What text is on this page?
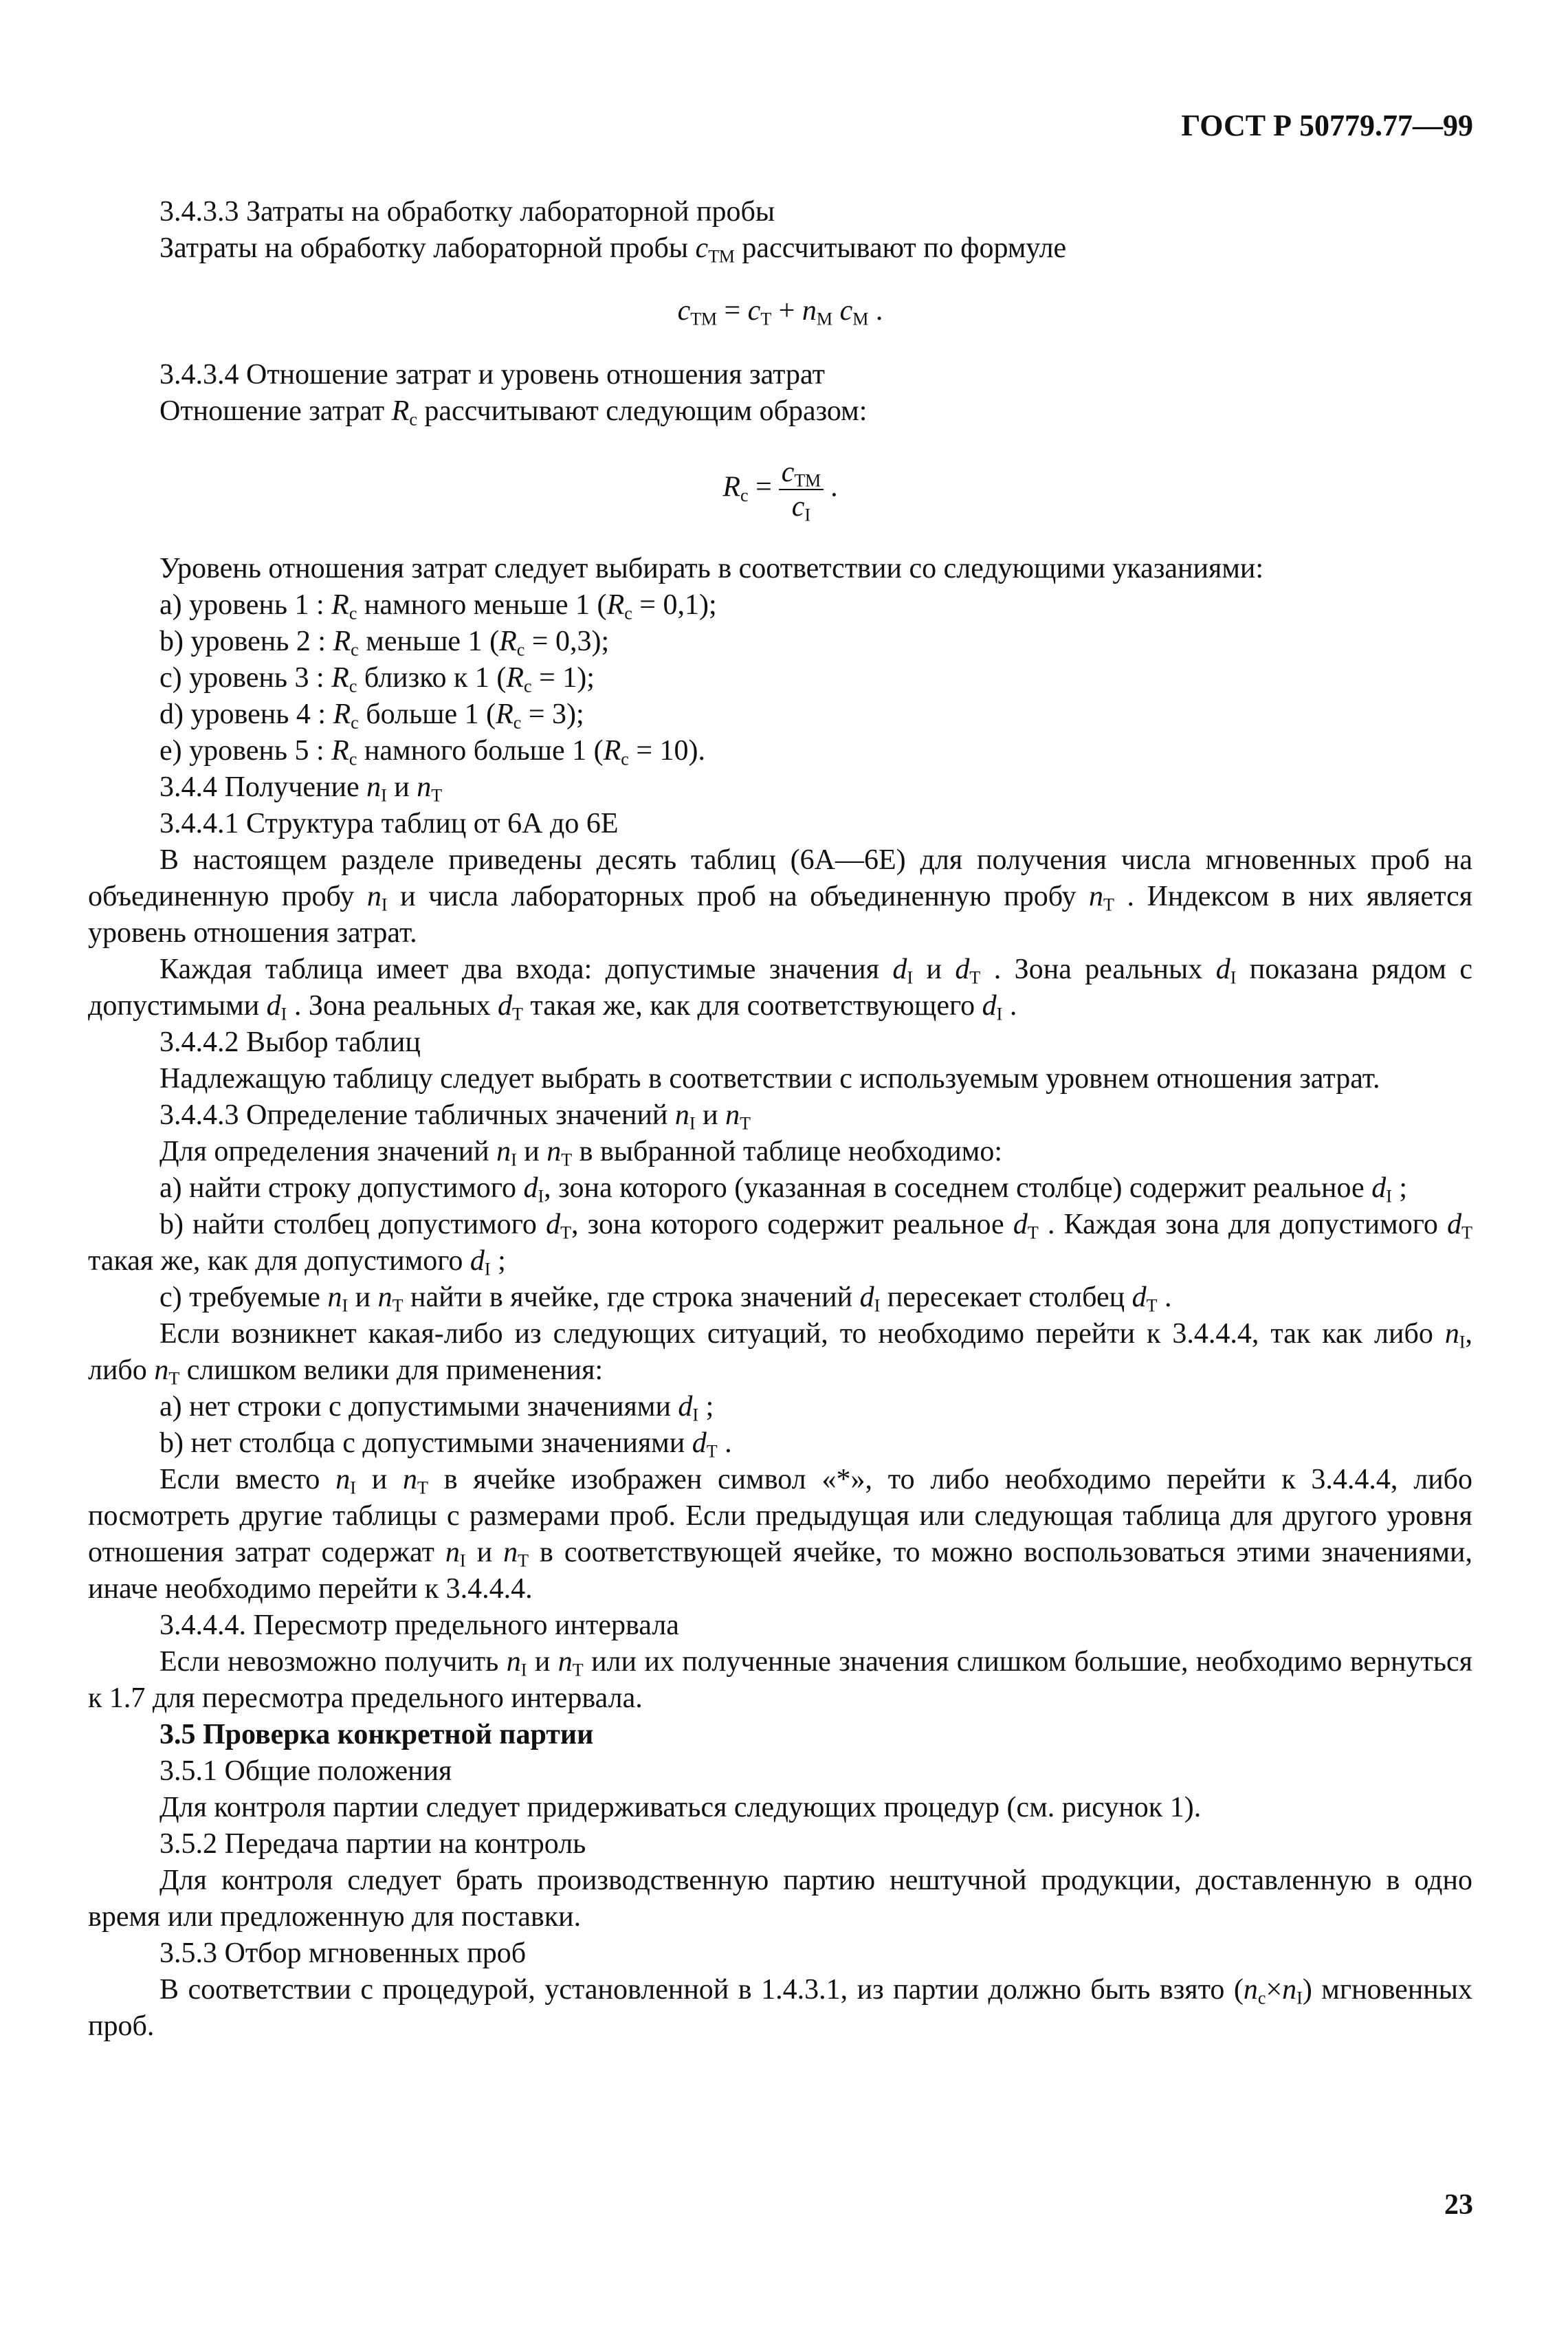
ГОСТ Р 50779.77—99

3.4.3.3 Затраты на обработку лабораторной пробы

Затраты на обработку лабораторной пробы $c_{ТМ}$ рассчитывают по формуле

$c_{ТМ} = c_Т + n_М$ $c_М$ .

3.4.3.4 Отношение затрат и уровень отношения затрат

Отношение затрат $R_c$ рассчитывают следующим образом:

$R_c = \frac{c_{ТМ}}{c_I}$ .

Уровень отношения затрат следует выбирать в соответствии со следующими указаниями:

а) уровень 1 : $R_c$ намного меньше 1 $(R_c = 0,1)$;

b) уровень 2 : $R_c$ меньше 1 $(R_c = 0,3)$;

c) уровень 3 : $R_c$ близко к 1 $(R_c = 1)$;

d) уровень 4 : $R_c$ больше 1 $(R_c = 3)$;

e) уровень 5 : $R_c$ намного больше 1 $(R_c = 10)$.

3.4.4 Получение $n_I$ и $n_Т$

3.4.4.1 Структура таблиц от 6А до 6Е

В настоящем разделе приведены десять таблиц (6А—6Е) для получения числа мгновенных проб на объединенную пробу $n_I$ и числа лабораторных проб на объединенную пробу $n_Т$ . Индексом в них является уровень отношения затрат.

Каждая таблица имеет два входа: допустимые значения $d_I$ и $d_Т$ . Зона реальных $d_I$ показана рядом с допустимыми $d_I$ . Зона реальных $d_Т$ такая же, как для соответствующего $d_I$ .

3.4.4.2 Выбор таблиц

Надлежащую таблицу следует выбрать в соответствии с используемым уровнем отношения затрат.

3.4.4.3 Определение табличных значений $n_I$ и $n_Т$

Для определения значений $n_I$ и $n_Т$ в выбранной таблице необходимо:

а) найти строку допустимого $d_I$, зона которого (указанная в соседнем столбце) содержит реальное $d_I$ ;

b) найти столбец допустимого $d_Т$, зона которого содержит реальное $d_Т$ . Каждая зона для допустимого $d_Т$ такая же, как для допустимого $d_I$ ;

c) требуемые $n_I$ и $n_Т$ найти в ячейке, где строка значений $d_I$ пересекает столбец $d_Т$ .

Если возникнет какая-либо из следующих ситуаций, то необходимо перейти к 3.4.4.4, так как либо $n_I$, либо $n_Т$ слишком велики для применения:

а) нет строки с допустимыми значениями $d_I$ ;

b) нет столбца с допустимыми значениями $d_Т$ .

Если вместо $n_I$ и $n_Т$ в ячейке изображен символ «*», то либо необходимо перейти к 3.4.4.4, либо посмотреть другие таблицы с размерами проб. Если предыдущая или следующая таблица для другого уровня отношения затрат содержат $n_I$ и $n_Т$ в соответствующей ячейке, то можно воспользоваться этими значениями, иначе необходимо перейти к 3.4.4.4.

3.4.4.4. Пересмотр предельного интервала

Если невозможно получить $n_I$ и $n_Т$ или их полученные значения слишком большие, необходимо вернуться к 1.7 для пересмотра предельного интервала.

3.5 Проверка конкретной партии

3.5.1 Общие положения

Для контроля партии следует придерживаться следующих процедур (см. рисунок 1).

3.5.2 Передача партии на контроль

Для контроля следует брать производственную партию нештучной продукции, доставленную в одно время или предложенную для поставки.

3.5.3 Отбор мгновенных проб

В соответствии с процедурой, установленной в 1.4.3.1, из партии должно быть взято $(n_c\times n_I)$ мгновенных проб.

23
